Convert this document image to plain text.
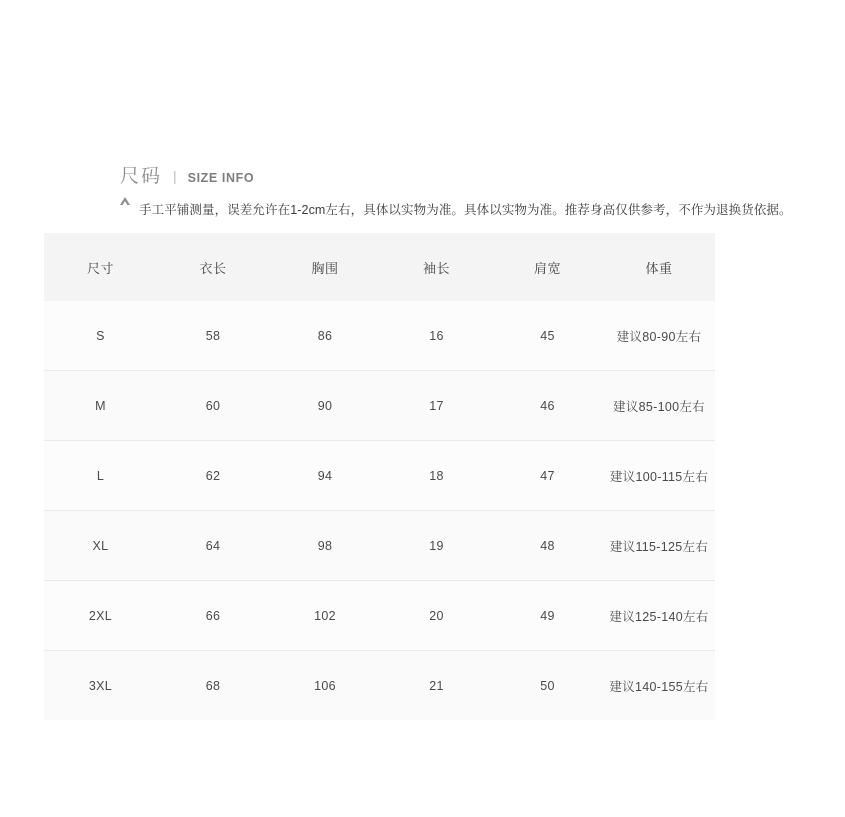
尺码 | SIZE INFO
手工平铺测量，误差允许在1-2cm左右，具体以实物为准。具体以实物为准。推荐身高仅供参考，不作为退换货依据。
尺寸	衣长	胸围	袖长	肩宽	体重
S	58	86	16	45	建议80-90左右
M	60	90	17	46	建议85-100左右
L	62	94	18	47	建议100-115左右
XL	64	98	19	48	建议115-125左右
2XL	66	102	20	49	建议125-140左右
3XL	68	106	21	50	建议140-155左右
